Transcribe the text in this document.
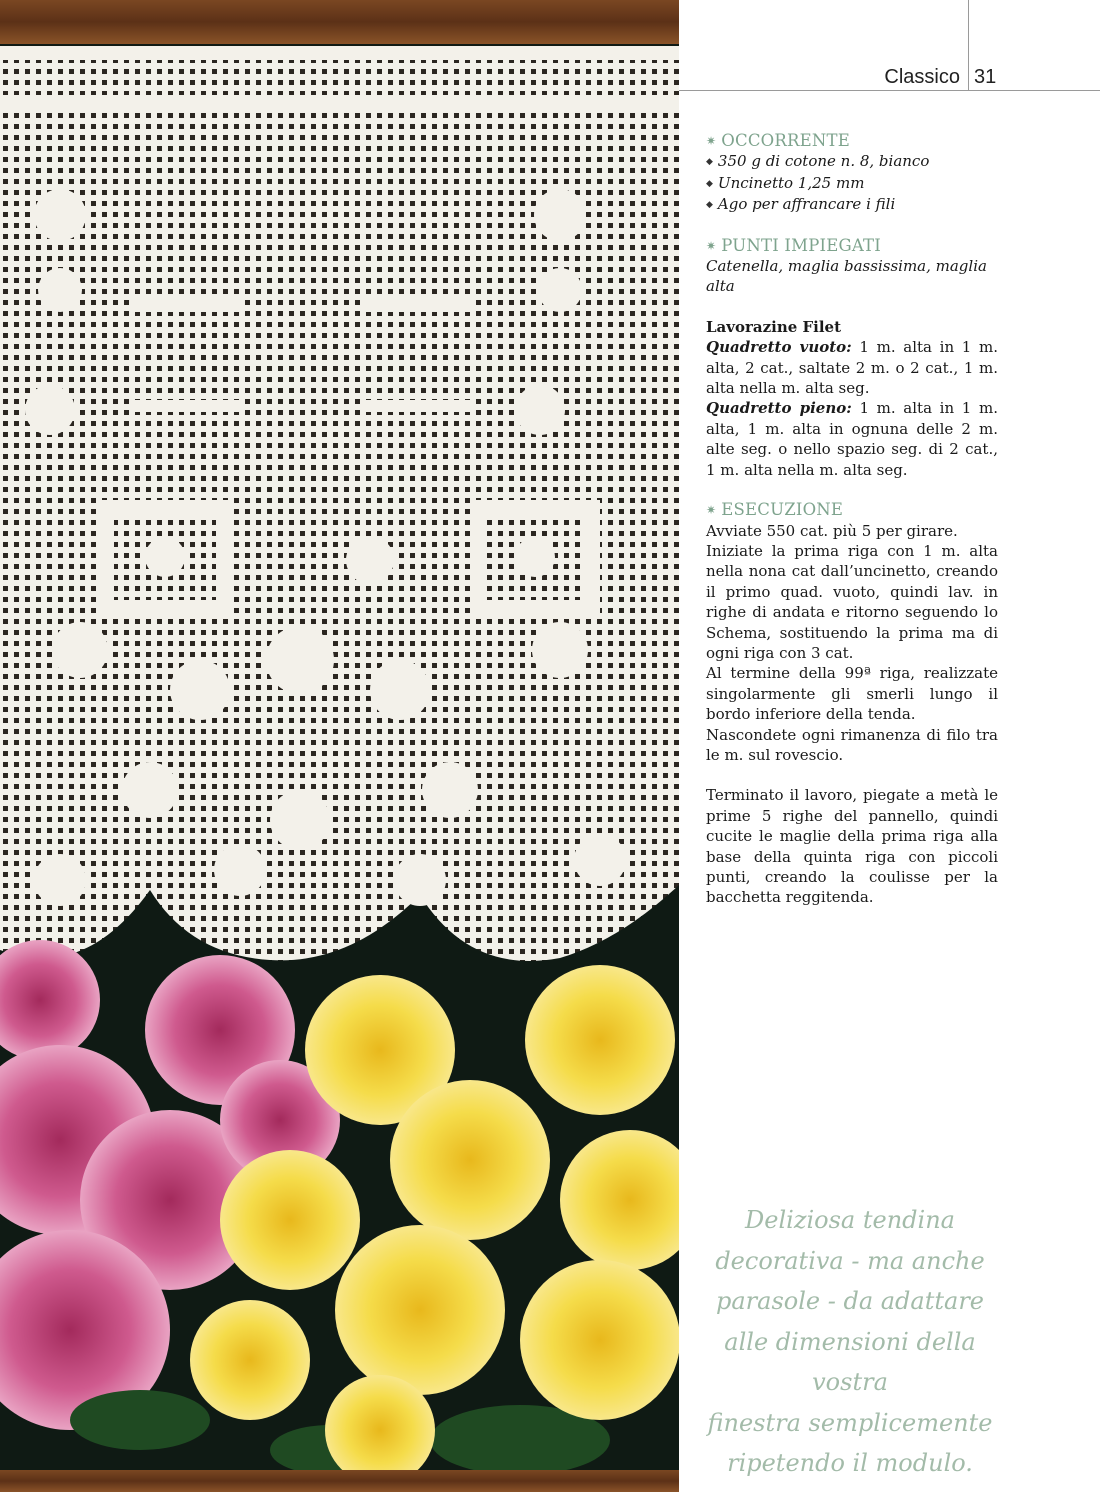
Classico 31

✷ OCCORRENTE

◆ 350 g di cotone n. 8, bianco
◆ Uncinetto 1,25 mm
◆ Ago per affrancare i fili

✷ PUNTI IMPIEGATI

Catenella, maglia bassissima, maglia alta

Lavorazine Filet

Quadretto vuoto: 1 m. alta in 1 m. alta, 2 cat., saltate 2 m. o 2 cat., 1 m. alta nella m. alta seg.

Quadretto pieno: 1 m. alta in 1 m. alta, 1 m. alta in ognuna delle 2 m. alte seg. o nello spazio seg. di 2 cat., 1 m. alta nella m. alta seg.

✷ ESECUZIONE

Avviate 550 cat. più 5 per girare.

Iniziate la prima riga con 1 m. alta nella nona cat dall’uncinetto, creando il primo quad. vuoto, quindi lav. in righe di andata e ritorno seguendo lo Schema, sostituendo la prima ma di ogni riga con 3 cat.

Al termine della 99ª riga, realizzate singolarmente gli smerli lungo il bordo inferiore della tenda.

Nascondete ogni rimanenza di filo tra le m. sul rovescio.

Terminato il lavoro, piegate a metà le prime 5 righe del pannello, quindi cucite le maglie della prima riga alla base della quinta riga con piccoli punti, creando la coulisse per la bacchetta reggitenda.

Deliziosa tendina
decorativa - ma anche
parasole - da adattare
alle dimensioni della vostra
finestra semplicemente
ripetendo il modulo.
